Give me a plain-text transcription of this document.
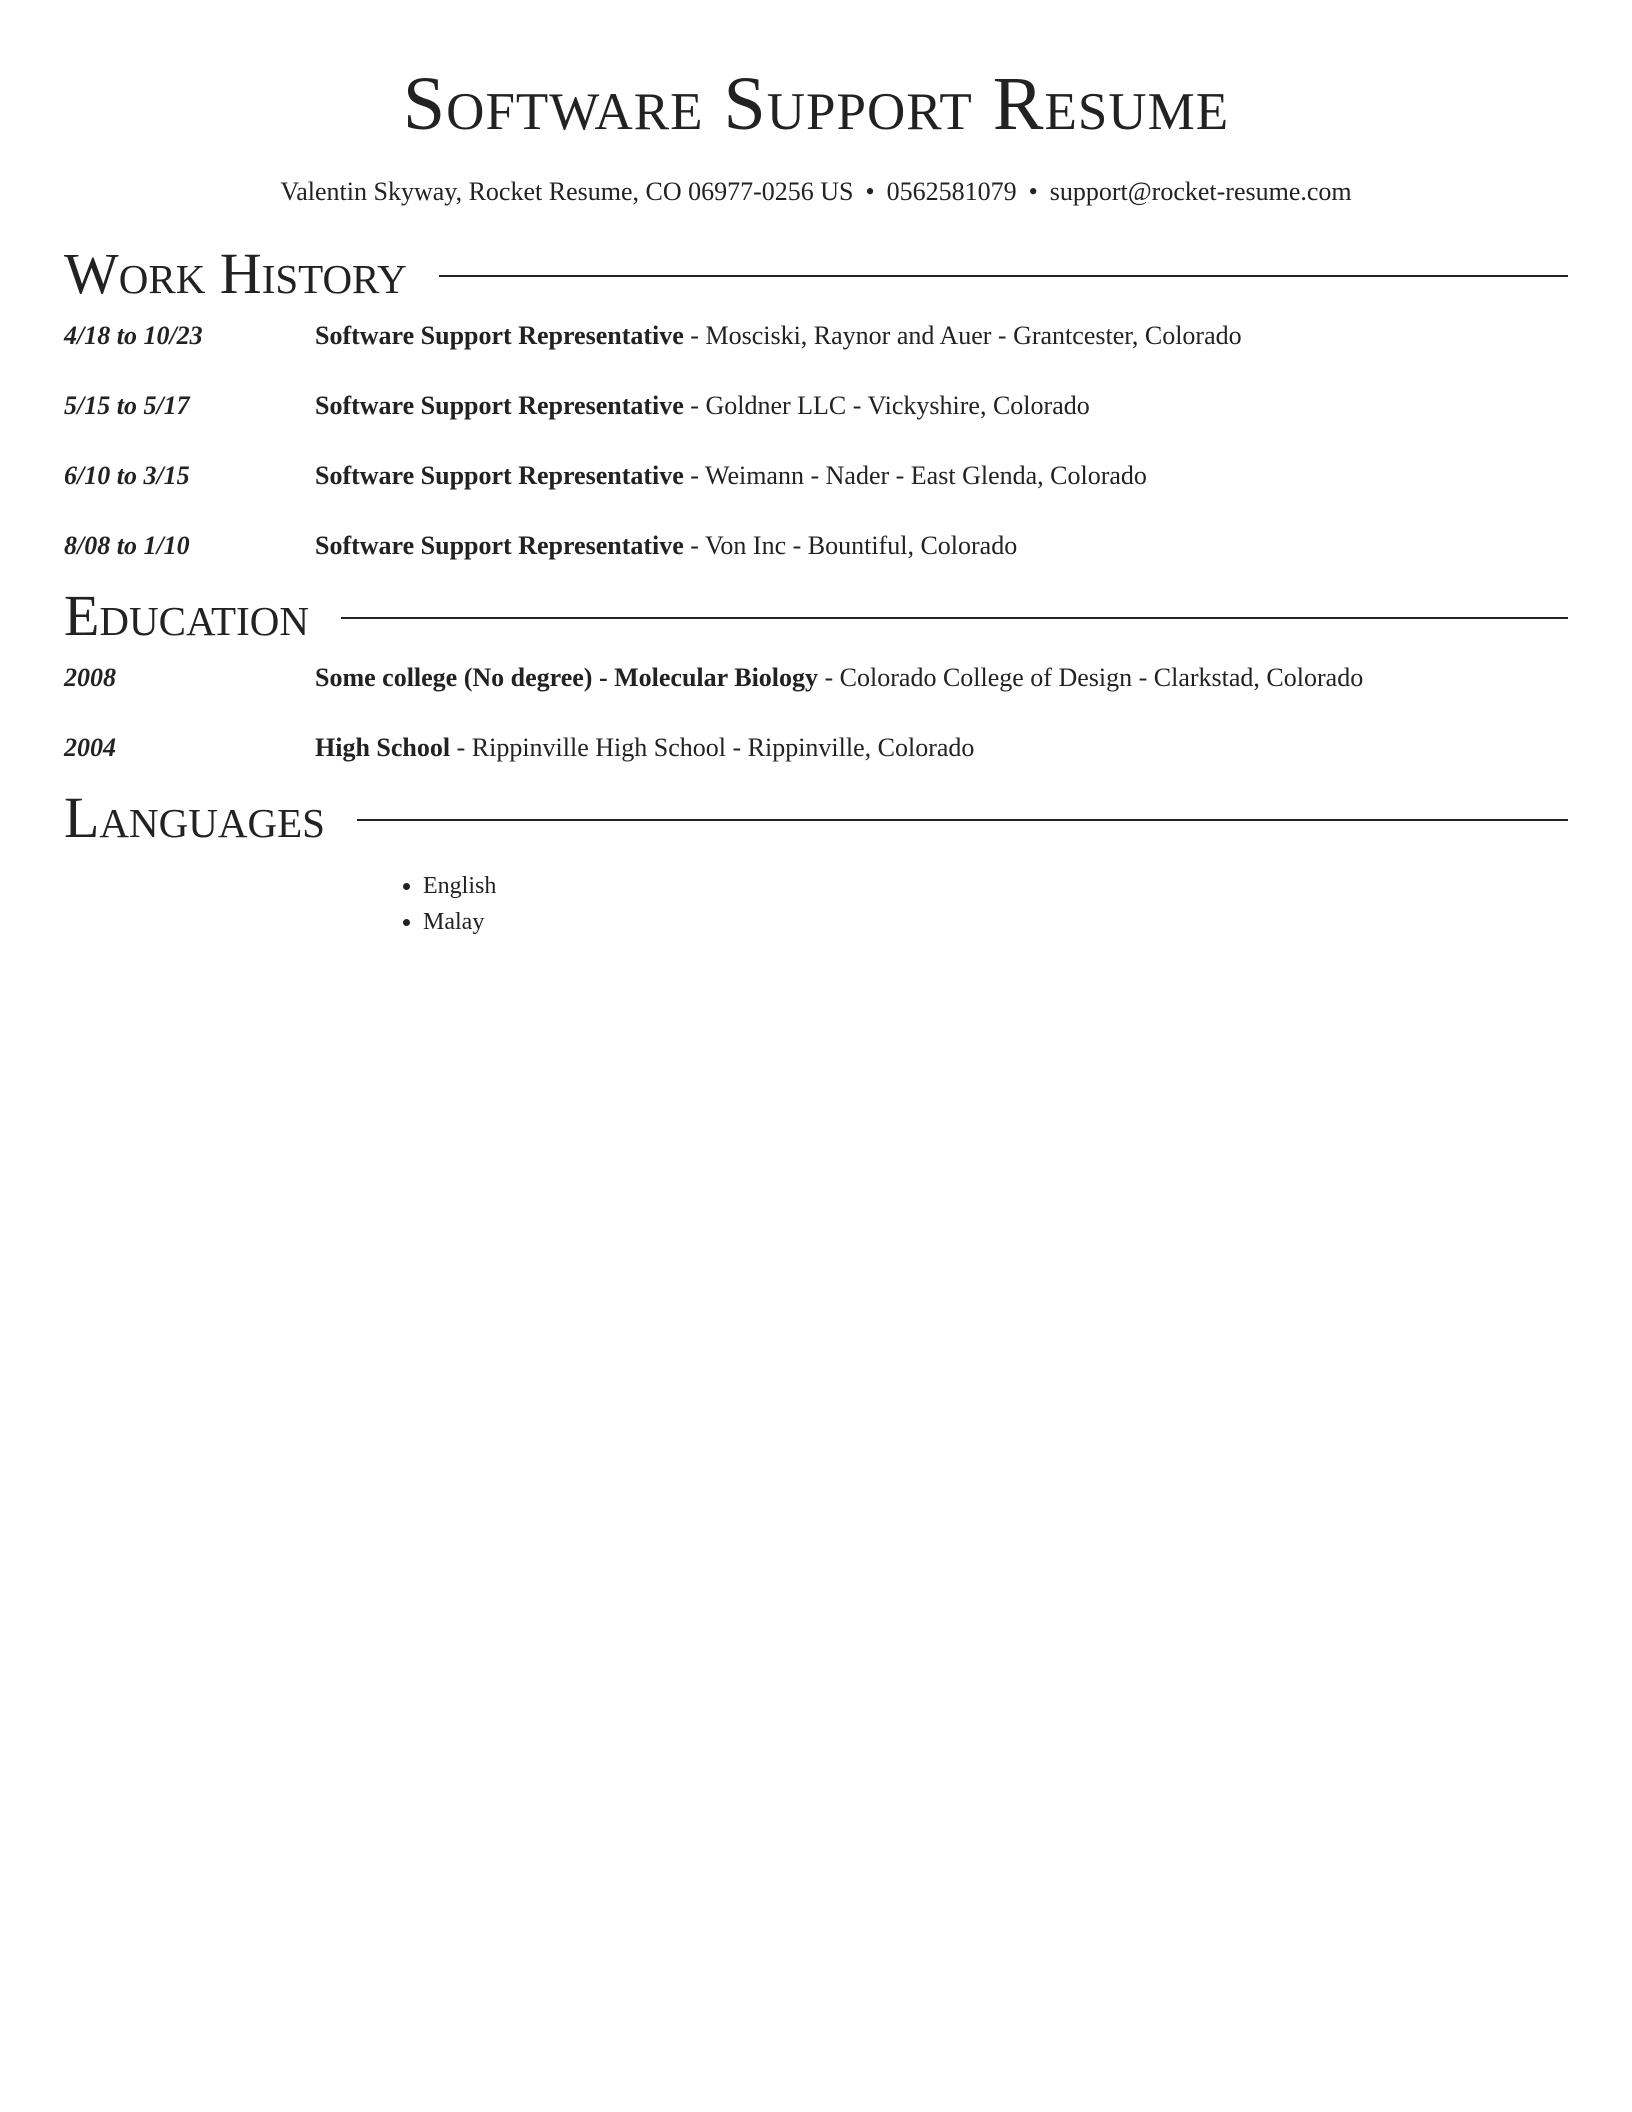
Software Support Resume
Valentin Skyway, Rocket Resume, CO 06977-0256 US • 0562581079 • support@rocket-resume.com
Work History
4/18 to 10/23	Software Support Representative - Mosciski, Raynor and Auer - Grantcester, Colorado
5/15 to 5/17	Software Support Representative - Goldner LLC - Vickyshire, Colorado
6/10 to 3/15	Software Support Representative - Weimann - Nader - East Glenda, Colorado
8/08 to 1/10	Software Support Representative - Von Inc - Bountiful, Colorado
Education
2008	Some college (No degree) - Molecular Biology - Colorado College of Design - Clarkstad, Colorado
2004	High School - Rippinville High School - Rippinville, Colorado
Languages
• English
• Malay
